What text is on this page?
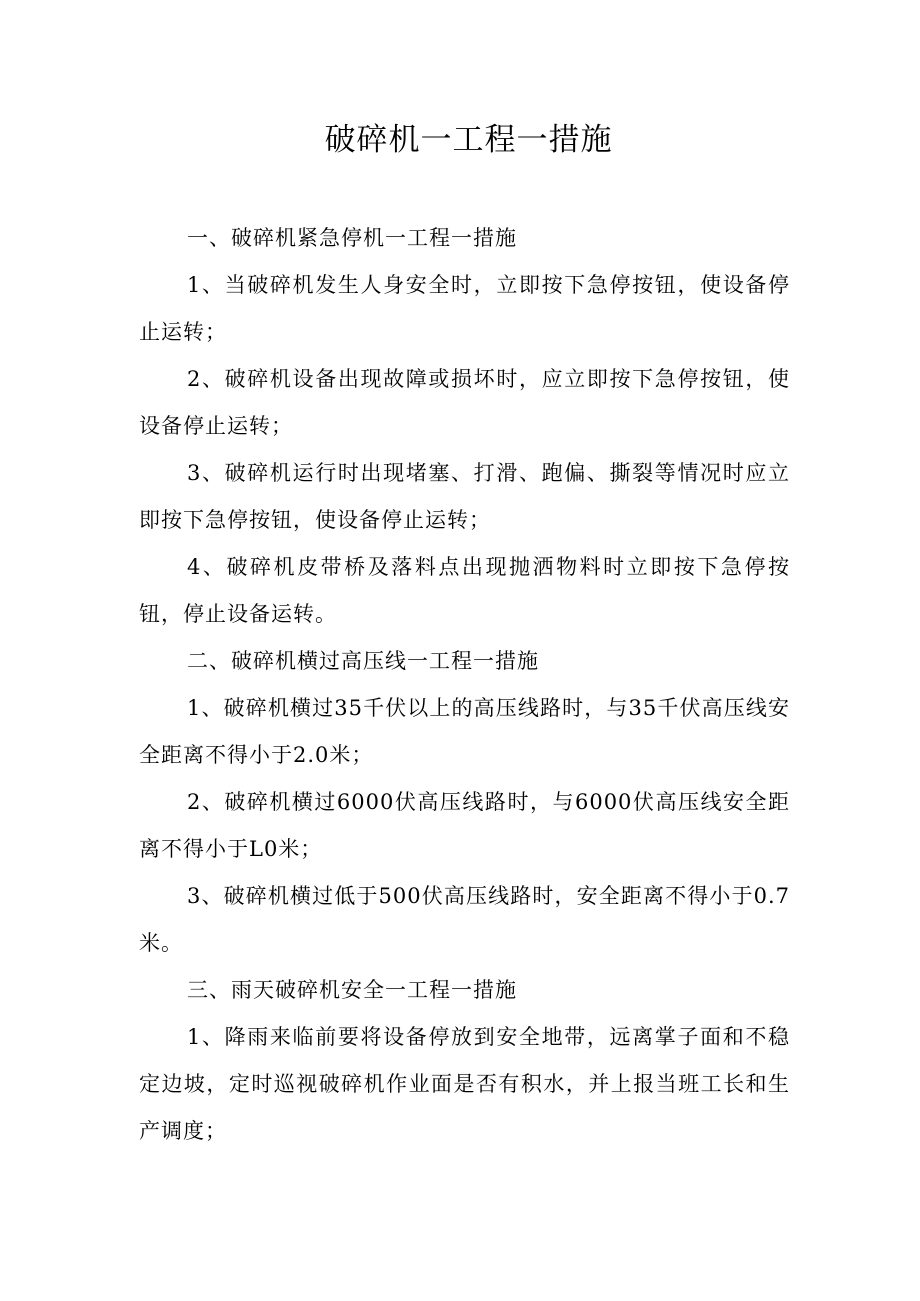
破碎机一工程一措施

一、破碎机紧急停机一工程一措施

1、当破碎机发生人身安全时，立即按下急停按钮，使设备停止运转；

2、破碎机设备出现故障或损坏时，应立即按下急停按钮，使设备停止运转；

3、破碎机运行时出现堵塞、打滑、跑偏、撕裂等情况时应立即按下急停按钮，使设备停止运转；

4、破碎机皮带桥及落料点出现抛洒物料时立即按下急停按钮，停止设备运转。

二、破碎机横过高压线一工程一措施

1、破碎机横过35千伏以上的高压线路时，与35千伏高压线安全距离不得小于2.0米；

2、破碎机横过6000伏高压线路时，与6000伏高压线安全距离不得小于L0米；

3、破碎机横过低于500伏高压线路时，安全距离不得小于0.7米。

三、雨天破碎机安全一工程一措施

1、降雨来临前要将设备停放到安全地带，远离掌子面和不稳定边坡，定时巡视破碎机作业面是否有积水，并上报当班工长和生产调度；
